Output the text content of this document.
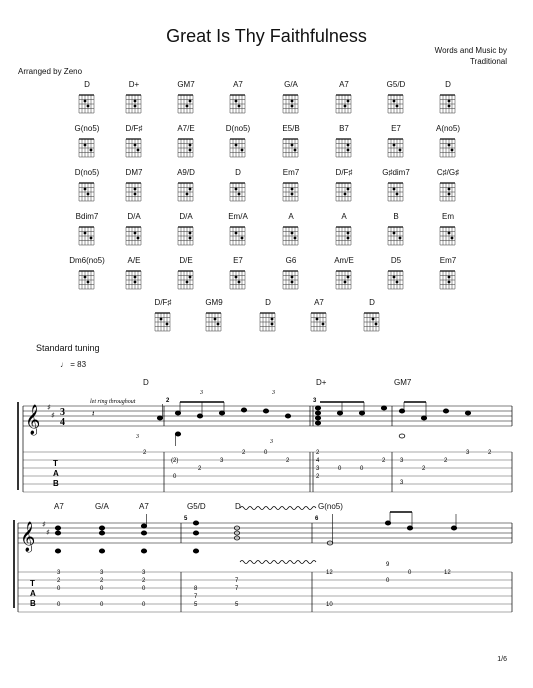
Great Is Thy Faithfulness
Words and Music by
Traditional
Arranged by Zeno
D	D+	GM7	A7	G/A	A7	G5/D	D
G(no5)	D/F♯	A7/E	D(no5)	E5/B	B7	E7	A(no5)
D(no5)	DM7	A9/D	D	Em7	D/F♯	G♯dim7	C♯/G♯
Bdim7	D/A	D/A	Em/A	A	A	B	Em
Dm6(no5)	A/E	D/E	E7	G6	Am/E	D5	Em7
D/F♯	GM9	D	A7	D
Standard tuning
♩ = 83
D	D+	GM7
A7	G/A	A7	G5/D	D	G(no5)
𝄞 ♯
♯ 3
4
T
A
B
let ring throughout
𝄽
2	3
3	3
3
3
2
(2)
0
2
3
2	0
2
2
4
3
2
0	0
2 3
2
2
3	2
3
𝄞 ♯
♯
T
A
B
5	6
3
2
0
0
3
2
0
0
3
2
0
0
8
7
5
7
7
5
12
9
10
0
0	12
1/6
